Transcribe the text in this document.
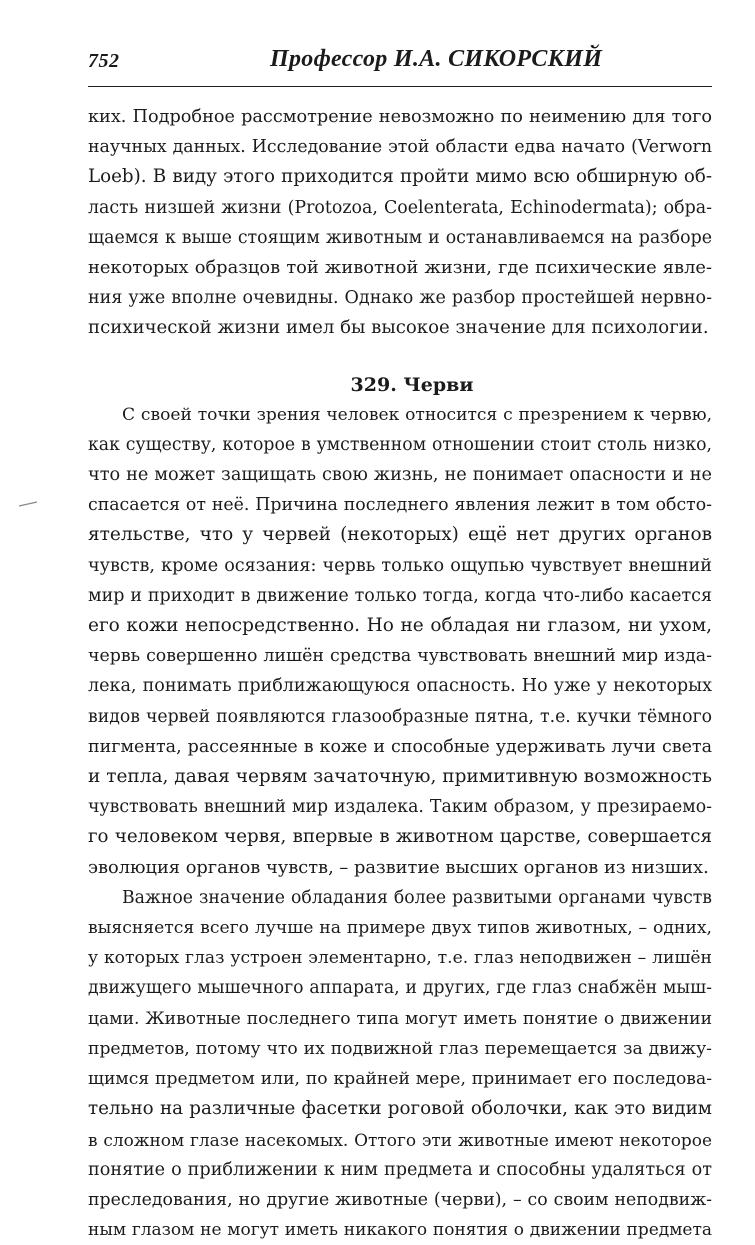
752	Профессор И.А. СИКОРСКИЙ

ких. Подробное рассмотрение невозможно по неимению для того
научных данных. Исследование этой области едва начато (Verworn
Loeb). В виду этого приходится пройти мимо всю обширную об-
ласть низшей жизни (Protozoa, Coelenterata, Echinodermata); обра-
щаемся к выше стоящим животным и останавливаемся на разборе
некоторых образцов той животной жизни, где психические явле-
ния уже вполне очевидны. Однако же разбор простейшей нервно-
психической жизни имел бы высокое значение для психологии.

329. Черви

С своей точки зрения человек относится с презрением к червю,
как существу, которое в умственном отношении стоит столь низко,
что не может защищать свою жизнь, не понимает опасности и не
спасается от неё. Причина последнего явления лежит в том обсто-
ятельстве, что у червей (некоторых) ещё нет других органов
чувств, кроме осязания: червь только ощупью чувствует внешний
мир и приходит в движение только тогда, когда что-либо касается
его кожи непосредственно. Но не обладая ни глазом, ни ухом,
червь совершенно лишён средства чувствовать внешний мир изда-
лека, понимать приближающуюся опасность. Но уже у некоторых
видов червей появляются глазообразные пятна, т.е. кучки тёмного
пигмента, рассеянные в коже и способные удерживать лучи света
и тепла, давая червям зачаточную, примитивную возможность
чувствовать внешний мир издалека. Таким образом, у презираемо-
го человеком червя, впервые в животном царстве, совершается
эволюция органов чувств, – развитие высших органов из низших.

Важное значение обладания более развитыми органами чувств
выясняется всего лучше на примере двух типов животных, – одних,
у которых глаз устроен элементарно, т.е. глаз неподвижен – лишён
движущего мышечного аппарата, и других, где глаз снабжён мыш-
цами. Животные последнего типа могут иметь понятие о движении
предметов, потому что их подвижной глаз перемещается за движу-
щимся предметом или, по крайней мере, принимает его последова-
тельно на различные фасетки роговой оболочки, как это видим
в сложном глазе насекомых. Оттого эти животные имеют некоторое
понятие о приближении к ним предмета и способны удаляться от
преследования, но другие животные (черви), – со своим неподвиж-
ным глазом не могут иметь никакого понятия о движении предмета
